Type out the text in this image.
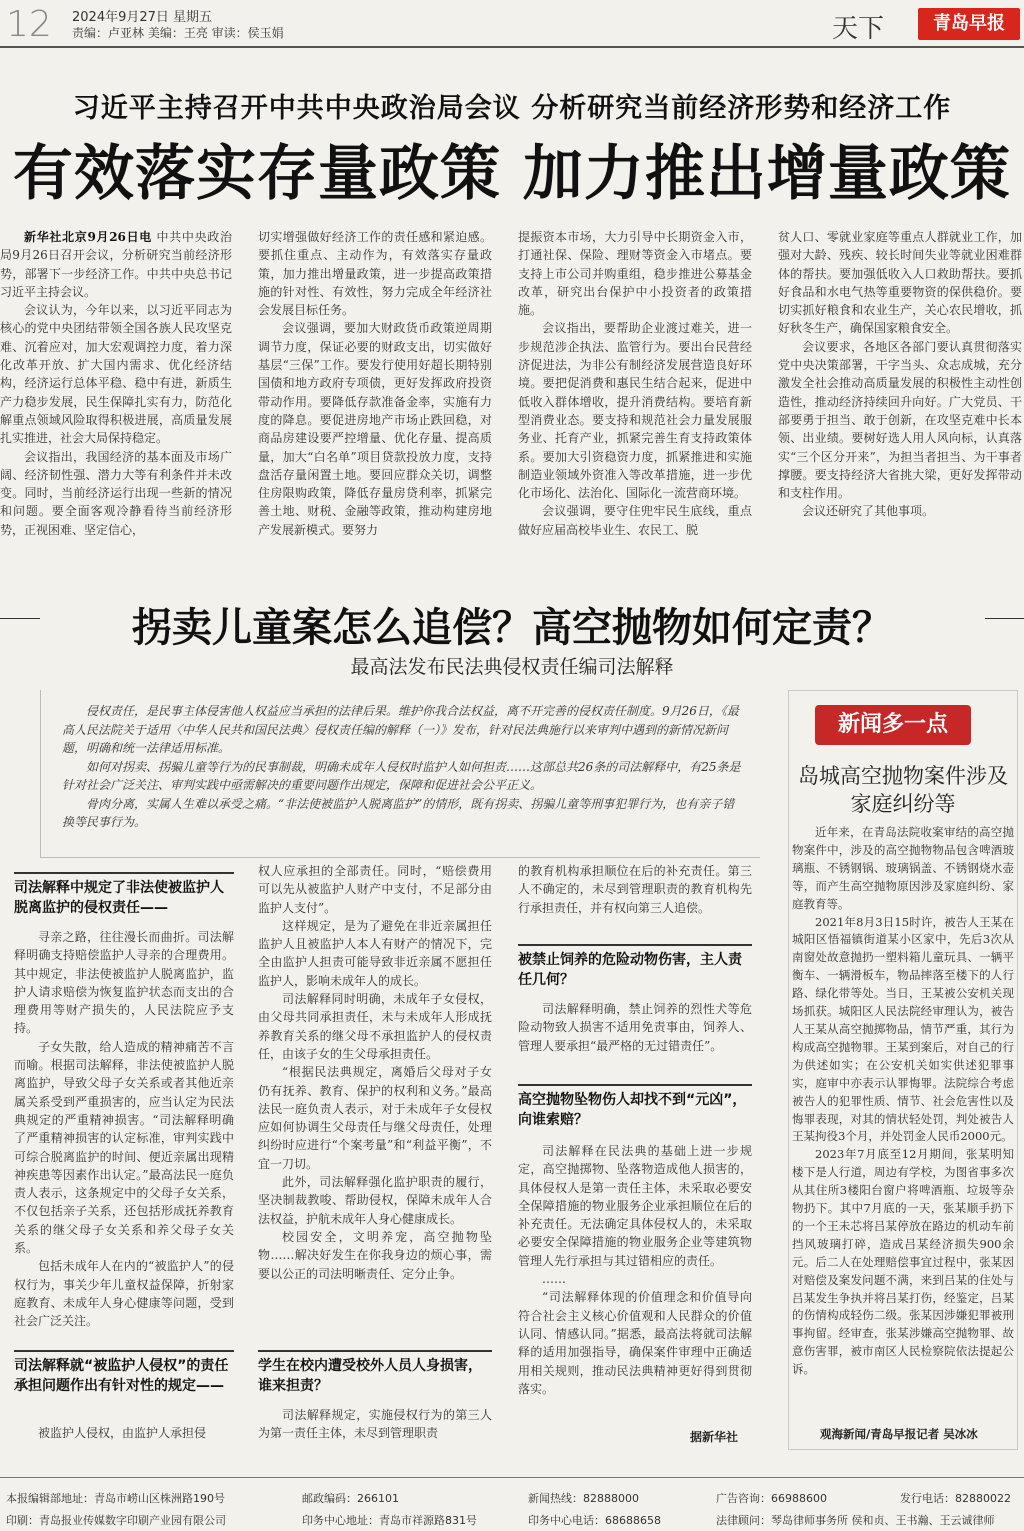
12 2024年9月27日 星期五
责编：卢亚林 美编：王亮 审读：侯玉娟	天下	青岛早报
习近平主持召开中共中央政治局会议 分析研究当前经济形势和经济工作
有效落实存量政策 加力推出增量政策

新华社北京9月26日电 中共中央政治局9月26日召开会议，分析研究当前经济形势，部署下一步经济工作。中共中央总书记习近平主持会议。

会议认为，今年以来，以习近平同志为核心的党中央团结带领全国各族人民攻坚克难、沉着应对，加大宏观调控力度，着力深化改革开放、扩大国内需求、优化经济结构，经济运行总体平稳、稳中有进，新质生产力稳步发展，民生保障扎实有力，防范化解重点领域风险取得积极进展，高质量发展扎实推进，社会大局保持稳定。

会议指出，我国经济的基本面及市场广阔、经济韧性强、潜力大等有利条件并未改变。同时，当前经济运行出现一些新的情况和问题。要全面客观冷静看待当前经济形势，正视困难、坚定信心，

切实增强做好经济工作的责任感和紧迫感。要抓住重点、主动作为，有效落实存量政策，加力推出增量政策，进一步提高政策措施的针对性、有效性，努力完成全年经济社会发展目标任务。

会议强调，要加大财政货币政策逆周期调节力度，保证必要的财政支出，切实做好基层“三保”工作。要发行使用好超长期特别国债和地方政府专项债，更好发挥政府投资带动作用。要降低存款准备金率，实施有力度的降息。要促进房地产市场止跌回稳，对商品房建设要严控增量、优化存量、提高质量，加大“白名单”项目贷款投放力度，支持盘活存量闲置土地。要回应群众关切，调整住房限购政策，降低存量房贷利率，抓紧完善土地、财税、金融等政策，推动构建房地产发展新模式。要努力

提振资本市场，大力引导中长期资金入市，打通社保、保险、理财等资金入市堵点。要支持上市公司并购重组，稳步推进公募基金改革，研究出台保护中小投资者的政策措施。

会议指出，要帮助企业渡过难关，进一步规范涉企执法、监管行为。要出台民营经济促进法，为非公有制经济发展营造良好环境。要把促消费和惠民生结合起来，促进中低收入群体增收，提升消费结构。要培育新型消费业态。要支持和规范社会力量发展服务业、托育产业，抓紧完善生育支持政策体系。要加大引资稳资力度，抓紧推进和实施制造业领域外资准入等改革措施，进一步优化市场化、法治化、国际化一流营商环境。

会议强调，要守住兜牢民生底线，重点做好应届高校毕业生、农民工、脱

贫人口、零就业家庭等重点人群就业工作，加强对大龄、残疾、较长时间失业等就业困难群体的帮扶。要加强低收入人口救助帮扶。要抓好食品和水电气热等重要物资的保供稳价。要切实抓好粮食和农业生产，关心农民增收，抓好秋冬生产，确保国家粮食安全。

会议要求，各地区各部门要认真贯彻落实党中央决策部署，干字当头、众志成城，充分激发全社会推动高质量发展的积极性主动性创造性，推动经济持续回升向好。广大党员、干部要勇于担当、敢于创新，在攻坚克难中长本领、出业绩。要树好选人用人风向标，认真落实“三个区分开来”，为担当者担当、为干事者撑腰。要支持经济大省挑大梁，更好发挥带动和支柱作用。

会议还研究了其他事项。

拐卖儿童案怎么追偿？高空抛物如何定责？
最高法发布民法典侵权责任编司法解释

侵权责任，是民事主体侵害他人权益应当承担的法律后果。维护你我合法权益，离不开完善的侵权责任制度。9月26日，《最高人民法院关于适用〈中华人民共和国民法典〉侵权责任编的解释（一）》发布，针对民法典施行以来审判中遇到的新情况新问题，明确和统一法律适用标准。

如何对拐卖、拐骗儿童等行为的民事制裁，明确未成年人侵权时监护人如何担责……这部总共26条的司法解释中，有25条是针对社会广泛关注、审判实践中亟需解决的重要问题作出规定，保障和促进社会公平正义。

骨肉分离，实属人生难以承受之痛。“非法使被监护人脱离监护”的情形，既有拐卖、拐骗儿童等刑事犯罪行为，也有亲子错换等民事行为。

司法解释中规定了非法使被监护人脱离监护的侵权责任——

寻亲之路，往往漫长而曲折。司法解释明确支持赔偿监护人寻亲的合理费用。其中规定，非法使被监护人脱离监护，监护人请求赔偿为恢复监护状态而支出的合理费用等财产损失的，人民法院应予支持。

子女失散，给人造成的精神痛苦不言而喻。根据司法解释，非法使被监护人脱离监护，导致父母子女关系或者其他近亲属关系受到严重损害的，应当认定为民法典规定的严重精神损害。“司法解释明确了严重精神损害的认定标准，审判实践中可综合脱离监护的时间、便近亲属出现精神疾患等因素作出认定。”最高法民一庭负责人表示，这条规定中的父母子女关系，不仅包括亲子关系，还包括形成抚养教育关系的继父母子女关系和养父母子女关系。

包括未成年人在内的“被监护人”的侵权行为，事关少年儿童权益保障，折射家庭教育、未成年人身心健康等问题，受到社会广泛关注。

司法解释就“被监护人侵权”的责任承担问题作出有针对性的规定——

被监护人侵权，由监护人承担侵

权人应承担的全部责任。同时，“赔偿费用可以先从被监护人财产中支付，不足部分由监护人支付”。

这样规定，是为了避免在非近亲属担任监护人且被监护人本人有财产的情况下，完全由监护人担责可能导致非近亲属不愿担任监护人，影响未成年人的成长。

司法解释同时明确，未成年子女侵权，由父母共同承担责任，未与未成年人形成抚养教育关系的继父母不承担监护人的侵权责任，由该子女的生父母承担责任。

“根据民法典规定，离婚后父母对子女仍有抚养、教育、保护的权利和义务。”最高法民一庭负责人表示，对于未成年子女侵权应如何协调生父母责任与继父母责任，处理纠纷时应进行“个案考量”和“利益平衡”，不宜一刀切。

此外，司法解释强化监护职责的履行，坚决制裁教唆、帮助侵权，保障未成年人合法权益，护航未成年人身心健康成长。

校园安全，文明养宠，高空抛物坠物……解决好发生在你我身边的烦心事，需要以公正的司法明晰责任、定分止争。

学生在校内遭受校外人员人身损害，谁来担责？

司法解释规定，实施侵权行为的第三人为第一责任主体，未尽到管理职责

的教育机构承担顺位在后的补充责任。第三人不确定的，未尽到管理职责的教育机构先行承担责任，并有权向第三人追偿。

被禁止饲养的危险动物伤害，主人责任几何？

司法解释明确，禁止饲养的烈性犬等危险动物致人损害不适用免责事由，饲养人、管理人要承担“最严格的无过错责任”。

高空抛物坠物伤人却找不到“元凶”，向谁索赔？

司法解释在民法典的基础上进一步规定，高空抛掷物、坠落物造成他人损害的，具体侵权人是第一责任主体，未采取必要安全保障措施的物业服务企业承担顺位在后的补充责任。无法确定具体侵权人的，未采取必要安全保障措施的物业服务企业等建筑物管理人先行承担与其过错相应的责任。

……

“司法解释体现的价值理念和价值导向符合社会主义核心价值观和人民群众的价值认同、情感认同。”据悉，最高法将就司法解释的适用加强指导，确保案件审理中正确适用相关规则，推动民法典精神更好得到贯彻落实。

据新华社
新闻多一点
岛城高空抛物案件涉及家庭纠纷等

近年来，在青岛法院收案审结的高空抛物案件中，涉及的高空抛物物品包含啤酒玻璃瓶、不锈钢锅、玻璃锅盖、不锈钢烧水壶等，而产生高空抛物原因涉及家庭纠纷、家庭教育等。

2021年8月3日15时许，被告人王某在城阳区悟福镇街道某小区家中，先后3次从南窗处故意抛扔一塑料箱儿童玩具、一辆平衡车、一辆滑板车，物品摔落至楼下的人行路、绿化带等处。当日，王某被公安机关现场抓获。城阳区人民法院经审理认为，被告人王某从高空抛掷物品，情节严重，其行为构成高空抛物罪。王某到案后，对自己的行为供述如实；在公安机关如实供述犯罪事实，庭审中亦表示认罪悔罪。法院综合考虑被告人的犯罪性质、情节、社会危害性以及悔罪表现，对其的情状轻处罚，判处被告人王某拘役3个月，并处罚金人民币2000元。

2023年7月底至12月期间，张某明知楼下是人行道，周边有学校，为图省事多次从其住所3楼阳台窗户将啤酒瓶、垃圾等杂物扔下。其中7月底的一天，张某顺手扔下的一个王未芯将吕某停放在路边的机动车前挡风玻璃打碎，造成吕某经济损失900余元。后二人在处理赔偿事宜过程中，张某因对赔偿及案发问题不满，来到吕某的住处与吕某发生争执并将吕某打伤，经鉴定，吕某的伤情构成轻伤二级。张某因涉嫌犯罪被刑事拘留。经审查，张某涉嫌高空抛物罪、故意伤害罪，被市南区人民检察院依法提起公诉。

观海新闻/青岛早报记者 吴冰冰
本报编辑部地址：青岛市崂山区株洲路190号	邮政编码：266101	新闻热线：82888000	广告咨询：66988600	发行电话：82880022
印刷：青岛报业传媒数字印刷产业园有限公司	印务中心地址：青岛市祥源路831号	印务中心电话：68688658	法律顾问：琴岛律师事务所 侯和贞、王书瀚、王云诚律师
